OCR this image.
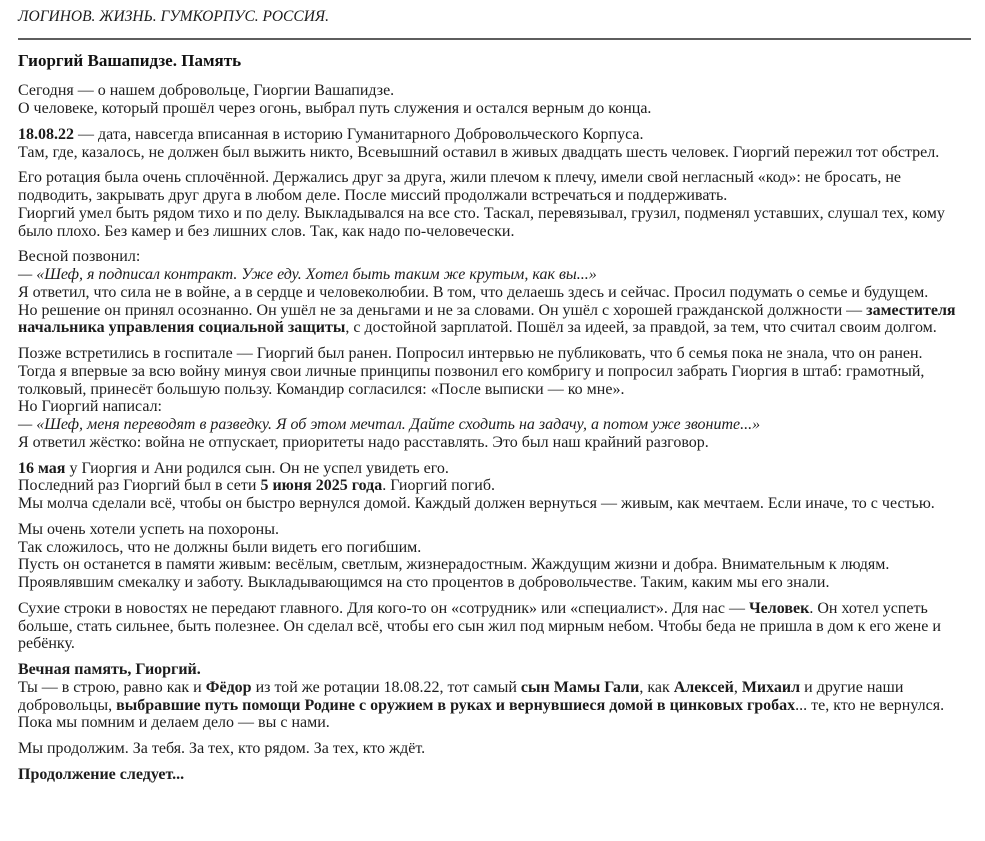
ЛОГИНОВ. ЖИЗНЬ. ГУМКОРПУС. РОССИЯ.
Гиоргий Вашапидзе. Память

Сегодня — о нашем добровольце, Гиоргии Вашапидзе.
О человеке, который прошёл через огонь, выбрал путь служения и остался верным до конца.

18.08.22 — дата, навсегда вписанная в историю Гуманитарного Добровольческого Корпуса.
Там, где, казалось, не должен был выжить никто, Всевышний оставил в живых двадцать шесть человек. Гиоргий пережил тот обстрел.

Его ротация была очень сплочённой. Держались друг за друга, жили плечом к плечу, имели свой негласный «код»: не бросать, не подводить, закрывать друг друга в любом деле. После миссий продолжали встречаться и поддерживать.
Гиоргий умел быть рядом тихо и по делу. Выкладывался на все сто. Таскал, перевязывал, грузил, подменял уставших, слушал тех, кому было плохо. Без камер и без лишних слов. Так, как надо по-человечески.

Весной позвонил:
— «Шеф, я подписал контракт. Уже еду. Хотел быть таким же крутым, как вы...»
Я ответил, что сила не в войне, а в сердце и человеколюбии. В том, что делаешь здесь и сейчас. Просил подумать о семье и будущем.
Но решение он принял осознанно. Он ушёл не за деньгами и не за словами. Он ушёл с хорошей гражданской должности — заместителя начальника управления социальной защиты, с достойной зарплатой. Пошёл за идеей, за правдой, за тем, что считал своим долгом.

Позже встретились в госпитале — Гиоргий был ранен. Попросил интервью не публиковать, что б семья пока не знала, что он ранен.
Тогда я впервые за всю войну минуя свои личные принципы позвонил его комбригу и попросил забрать Гиоргия в штаб: грамотный, толковый, принесёт большую пользу. Командир согласился: «После выписки — ко мне».
Но Гиоргий написал:
— «Шеф, меня переводят в разведку. Я об этом мечтал. Дайте сходить на задачу, а потом уже звоните...»
Я ответил жёстко: война не отпускает, приоритеты надо расставлять. Это был наш крайний разговор.

16 мая у Гиоргия и Ани родился сын. Он не успел увидеть его.
Последний раз Гиоргий был в сети 5 июня 2025 года. Гиоргий погиб.
Мы молча сделали всё, чтобы он быстро вернулся домой. Каждый должен вернуться — живым, как мечтаем. Если иначе, то с честью.

Мы очень хотели успеть на похороны.
Так сложилось, что не должны были видеть его погибшим.
Пусть он останется в памяти живым: весёлым, светлым, жизнерадостным. Жаждущим жизни и добра. Внимательным к людям. Проявлявшим смекалку и заботу. Выкладывающимся на сто процентов в добровольчестве. Таким, каким мы его знали.

Сухие строки в новостях не передают главного. Для кого-то он «сотрудник» или «специалист». Для нас — Человек. Он хотел успеть больше, стать сильнее, быть полезнее. Он сделал всё, чтобы его сын жил под мирным небом. Чтобы беда не пришла в дом к его жене и ребёнку.

Вечная память, Гиоргий.
Ты — в строю, равно как и Фёдор из той же ротации 18.08.22, тот самый сын Мамы Гали, как Алексей, Михаил и другие наши добровольцы, выбравшие путь помощи Родине с оружием в руках и вернувшиеся домой в цинковых гробах... те, кто не вернулся.
Пока мы помним и делаем дело — вы с нами.

Мы продолжим. За тебя. За тех, кто рядом. За тех, кто ждёт.

Продолжение следует...
